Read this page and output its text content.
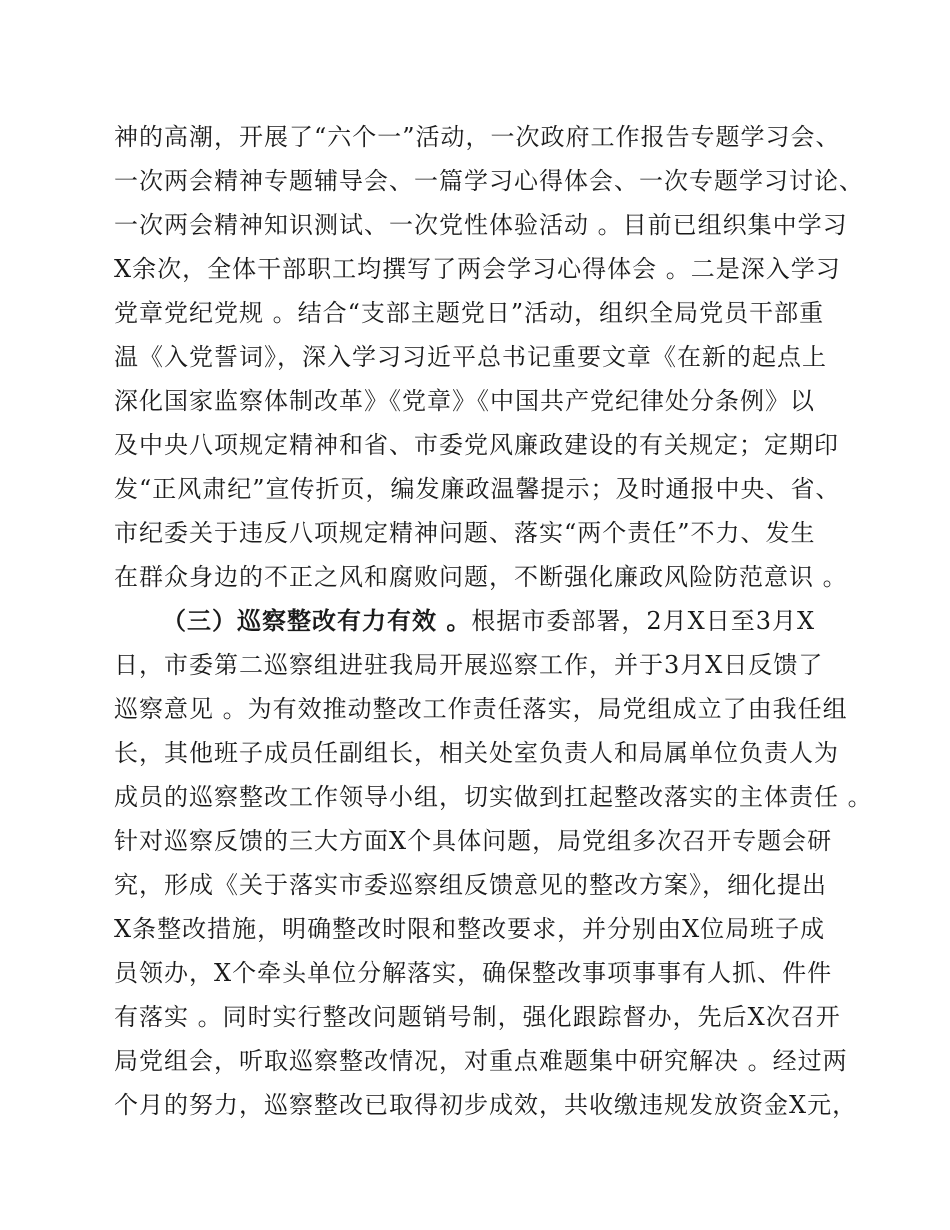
神的高潮，开展了“六个一”活动，一次政府工作报告专题学习会、
一次两会精神专题辅导会、一篇学习心得体会、一次专题学习讨论、
一次两会精神知识测试、一次党性体验活动 。目前已组织集中学习
X余次，全体干部职工均撰写了两会学习心得体会 。二是深入学习
党章党纪党规 。结合“支部主题党日”活动，组织全局党员干部重
温《入党誓词》，深入学习习近平总书记重要文章《在新的起点上
深化国家监察体制改革》《党章》《中国共产党纪律处分条例》以
及中央八项规定精神和省、市委党风廉政建设的有关规定；定期印
发“正风肃纪”宣传折页，编发廉政温馨提示；及时通报中央、省、
市纪委关于违反八项规定精神问题、落实“两个责任”不力、发生
在群众身边的不正之风和腐败问题，不断强化廉政风险防范意识 。
（三）巡察整改有力有效 。根据市委部署，2月X日至3月X
日，市委第二巡察组进驻我局开展巡察工作，并于3月X日反馈了
巡察意见 。为有效推动整改工作责任落实，局党组成立了由我任组
长，其他班子成员任副组长，相关处室负责人和局属单位负责人为
成员的巡察整改工作领导小组，切实做到扛起整改落实的主体责任 。
针对巡察反馈的三大方面X个具体问题，局党组多次召开专题会研
究，形成《关于落实市委巡察组反馈意见的整改方案》，细化提出
X条整改措施，明确整改时限和整改要求，并分别由X位局班子成
员领办，X个牵头单位分解落实，确保整改事项事事有人抓、件件
有落实 。同时实行整改问题销号制，强化跟踪督办，先后X次召开
局党组会，听取巡察整改情况，对重点难题集中研究解决 。经过两
个月的努力，巡察整改已取得初步成效，共收缴违规发放资金X元，
